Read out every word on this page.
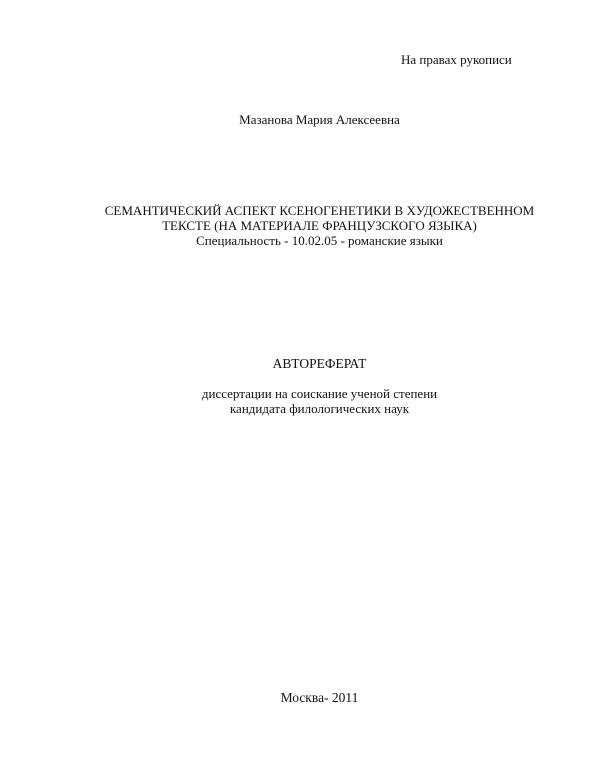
На правах рукописи
Мазанова Мария Алексеевна
СЕМАНТИЧЕСКИЙ АСПЕКТ КСЕНОГЕНЕТИКИ В ХУДОЖЕСТВЕННОМ
ТЕКСТЕ (НА МАТЕРИАЛЕ ФРАНЦУЗСКОГО ЯЗЫКА)
Специальность - 10.02.05 - романские языки
АВТОРЕФЕРАТ
диссертации на соискание ученой степени
кандидата филологических наук
Москва- 2011
